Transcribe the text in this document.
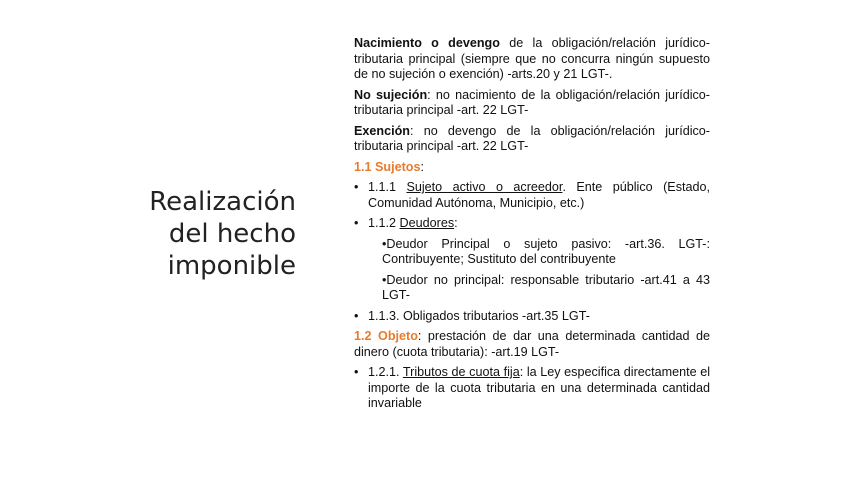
Realización
del hecho
imponible

Nacimiento o devengo de la obligación/relación jurídico-tributaria principal (siempre que no concurra ningún supuesto de no sujeción o exención) -arts.20 y 21 LGT-.

No sujeción: no nacimiento de la obligación/relación jurídico-tributaria principal -art. 22 LGT-

Exención: no devengo de la obligación/relación jurídico-tributaria principal -art. 22 LGT-

1.1 Sujetos:

• 1.1.1 Sujeto activo o acreedor. Ente público (Estado, Comunidad Autónoma, Municipio, etc.)
• 1.1.2 Deudores:
•Deudor Principal o sujeto pasivo: -art.36. LGT-: Contribuyente; Sustituto del contribuyente
•Deudor no principal: responsable tributario -art.41 a 43 LGT-
• 1.1.3. Obligados tributarios -art.35 LGT-

1.2 Objeto: prestación de dar una determinada cantidad de dinero (cuota tributaria): -art.19 LGT-

• 1.2.1. Tributos de cuota fija: la Ley especifica directamente el importe de la cuota tributaria en una determinada cantidad invariable
